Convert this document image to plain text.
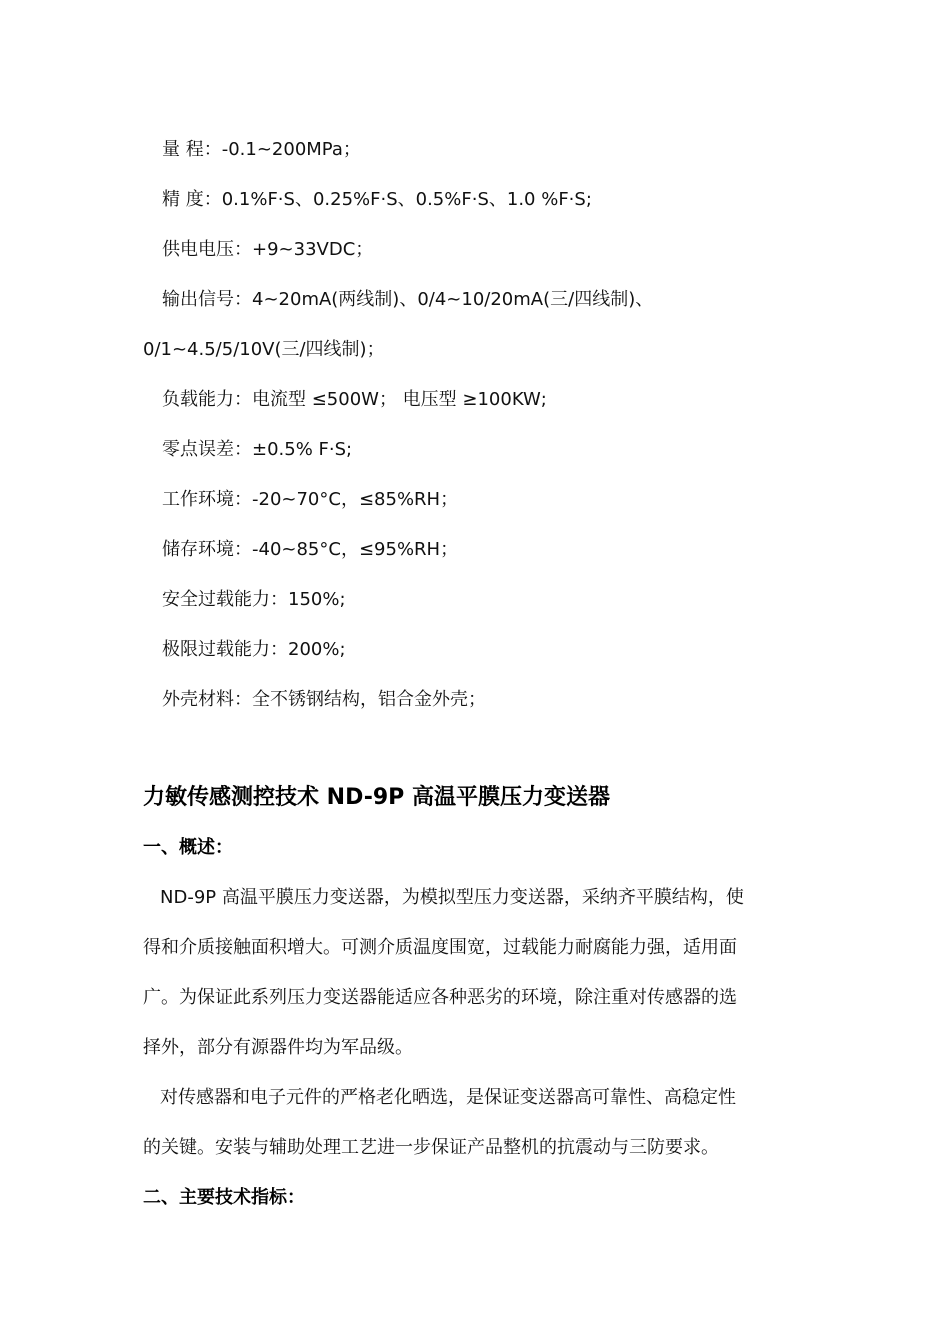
量 程：-0.1~200MPa；
精 度：0.1%F·S、0.25%F·S、0.5%F·S、1.0 %F·S;
供电电压：+9~33VDC；
输出信号：4~20mA(两线制)、0/4~10/20mA(三/四线制)、
0/1~4.5/5/10V(三/四线制)；
负载能力：电流型 ≤500W； 电压型 ≥100KW;
零点误差：±0.5% F·S;
工作环境：-20~70°C，≤85%RH；
储存环境：-40~85°C，≤95%RH；
安全过载能力：150%;
极限过载能力：200%;
外壳材料：全不锈钢结构，铝合金外壳；
力敏传感测控技术 ND-9P 高温平膜压力变送器
一、概述：
ND-9P 高温平膜压力变送器，为模拟型压力变送器，采纳齐平膜结构，使
得和介质接触面积增大。可测介质温度围宽，过载能力耐腐能力强，适用面
广。为保证此系列压力变送器能适应各种恶劣的环境，除注重对传感器的选
择外，部分有源器件均为军品级。
对传感器和电子元件的严格老化晒选，是保证变送器高可靠性、高稳定性
的关键。安装与辅助处理工艺进一步保证产品整机的抗震动与三防要求。
二、主要技术指标：
